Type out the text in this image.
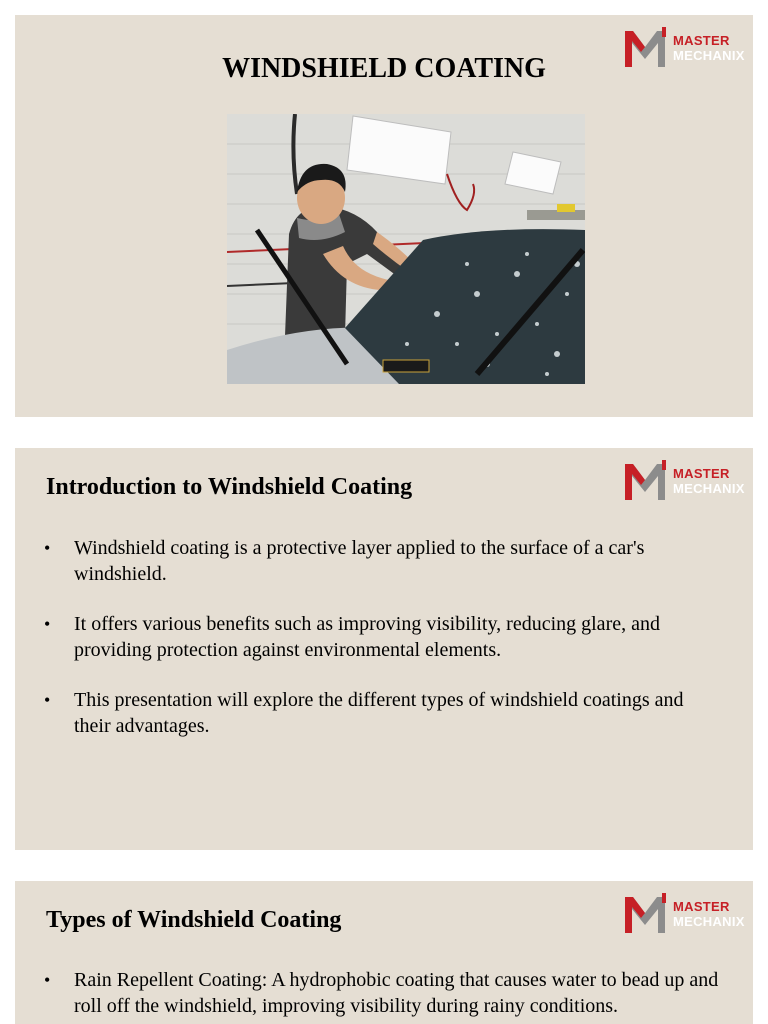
MASTER
MECHANIX
WINDSHIELD COATING
MASTER
MECHANIX
Introduction to Windshield Coating
• Windshield coating is a protective layer applied to the surface of a car's windshield.
• It offers various benefits such as improving visibility, reducing glare, and providing protection against environmental elements.
• This presentation will explore the different types of windshield coatings and their advantages.
MASTER
MECHANIX
Types of Windshield Coating
• Rain Repellent Coating: A hydrophobic coating that causes water to bead up and roll off the windshield, improving visibility during rainy conditions.
